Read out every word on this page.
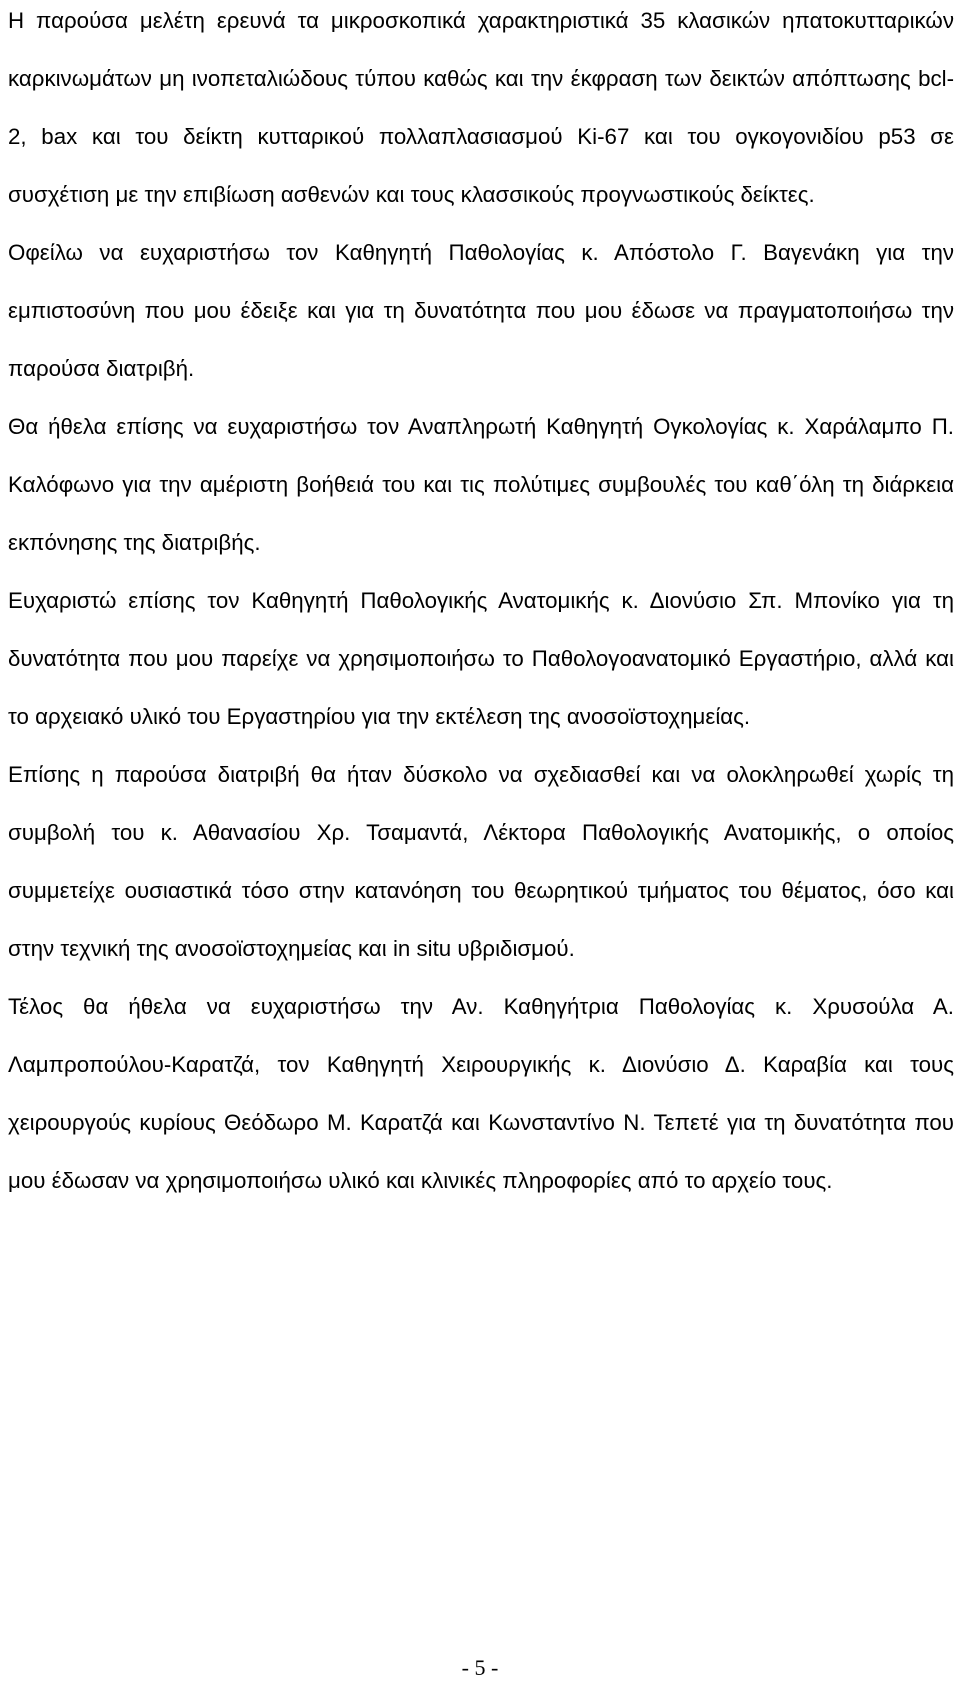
Η παρούσα μελέτη ερευνά τα μικροσκοπικά χαρακτηριστικά 35 κλασικών ηπατοκυτταρικών καρκινωμάτων μη ινοπεταλιώδους τύπου καθώς και την έκφραση των δεικτών απόπτωσης bcl-2, bax και του δείκτη κυτταρικού πολλαπλασιασμού Ki-67 και του ογκογονιδίου p53 σε συσχέτιση με την επιβίωση ασθενών και τους κλασσικούς προγνωστικούς δείκτες.

Οφείλω να ευχαριστήσω τον Καθηγητή Παθολογίας κ. Απόστολο Γ. Βαγενάκη για την εμπιστοσύνη που μου έδειξε και για τη δυνατότητα που μου έδωσε να πραγματοποιήσω την παρούσα διατριβή.

Θα ήθελα επίσης να ευχαριστήσω τον Αναπληρωτή Καθηγητή Ογκολογίας κ. Χαράλαμπο Π. Καλόφωνο για την αμέριστη βοήθειά του και τις πολύτιμες συμβουλές του καθ΄όλη τη διάρκεια εκπόνησης της διατριβής.

Ευχαριστώ επίσης τον Καθηγητή Παθολογικής Ανατομικής κ. Διονύσιο Σπ. Μπονίκο για τη δυνατότητα που μου παρείχε να χρησιμοποιήσω το Παθολογοανατομικό Εργαστήριο, αλλά και το αρχειακό υλικό του Εργαστηρίου για την εκτέλεση της ανοσοϊστοχημείας.

Επίσης η παρούσα διατριβή θα ήταν δύσκολο να σχεδιασθεί και να ολοκληρωθεί χωρίς τη συμβολή του κ. Αθανασίου Χρ. Τσαμαντά, Λέκτορα Παθολογικής Ανατομικής, ο οποίος συμμετείχε ουσιαστικά τόσο στην κατανόηση του θεωρητικού τμήματος του θέματος, όσο και στην τεχνική της ανοσοϊστοχημείας και in situ υβριδισμού.

Τέλος θα ήθελα να ευχαριστήσω την Αν. Καθηγήτρια Παθολογίας κ. Χρυσούλα Α. Λαμπροπούλου-Καρατζά, τον Καθηγητή Χειρουργικής κ. Διονύσιο Δ. Καραβία και τους χειρουργούς κυρίους Θεόδωρο Μ. Καρατζά και Κωνσταντίνο Ν. Τεπετέ για τη δυνατότητα που μου έδωσαν να χρησιμοποιήσω υλικό και κλινικές πληροφορίες από το αρχείο τους.

- 5 -
